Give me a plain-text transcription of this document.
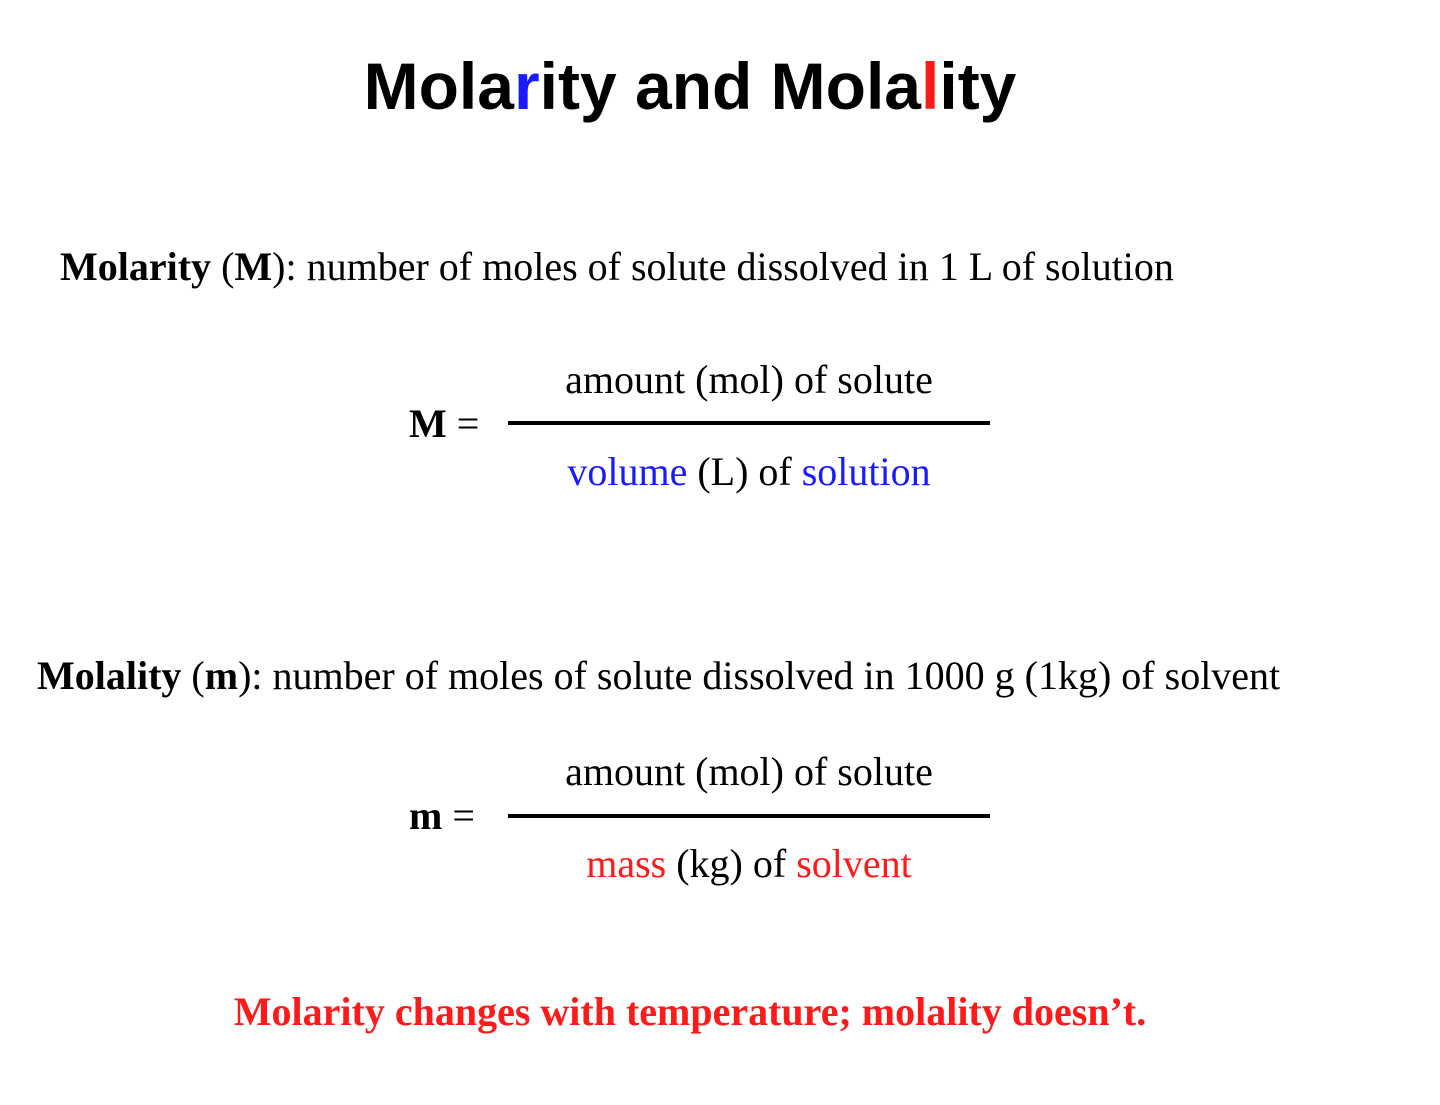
Molarity and Molality
Molarity (M): number of moles of solute dissolved in 1 L of solution
M =
amount (mol) of solute
volume (L) of solution
Molality (m): number of moles of solute dissolved in 1000 g (1kg) of solvent
m =
amount (mol) of solute
mass (kg) of solvent
Molarity changes with temperature; molality doesn’t.
